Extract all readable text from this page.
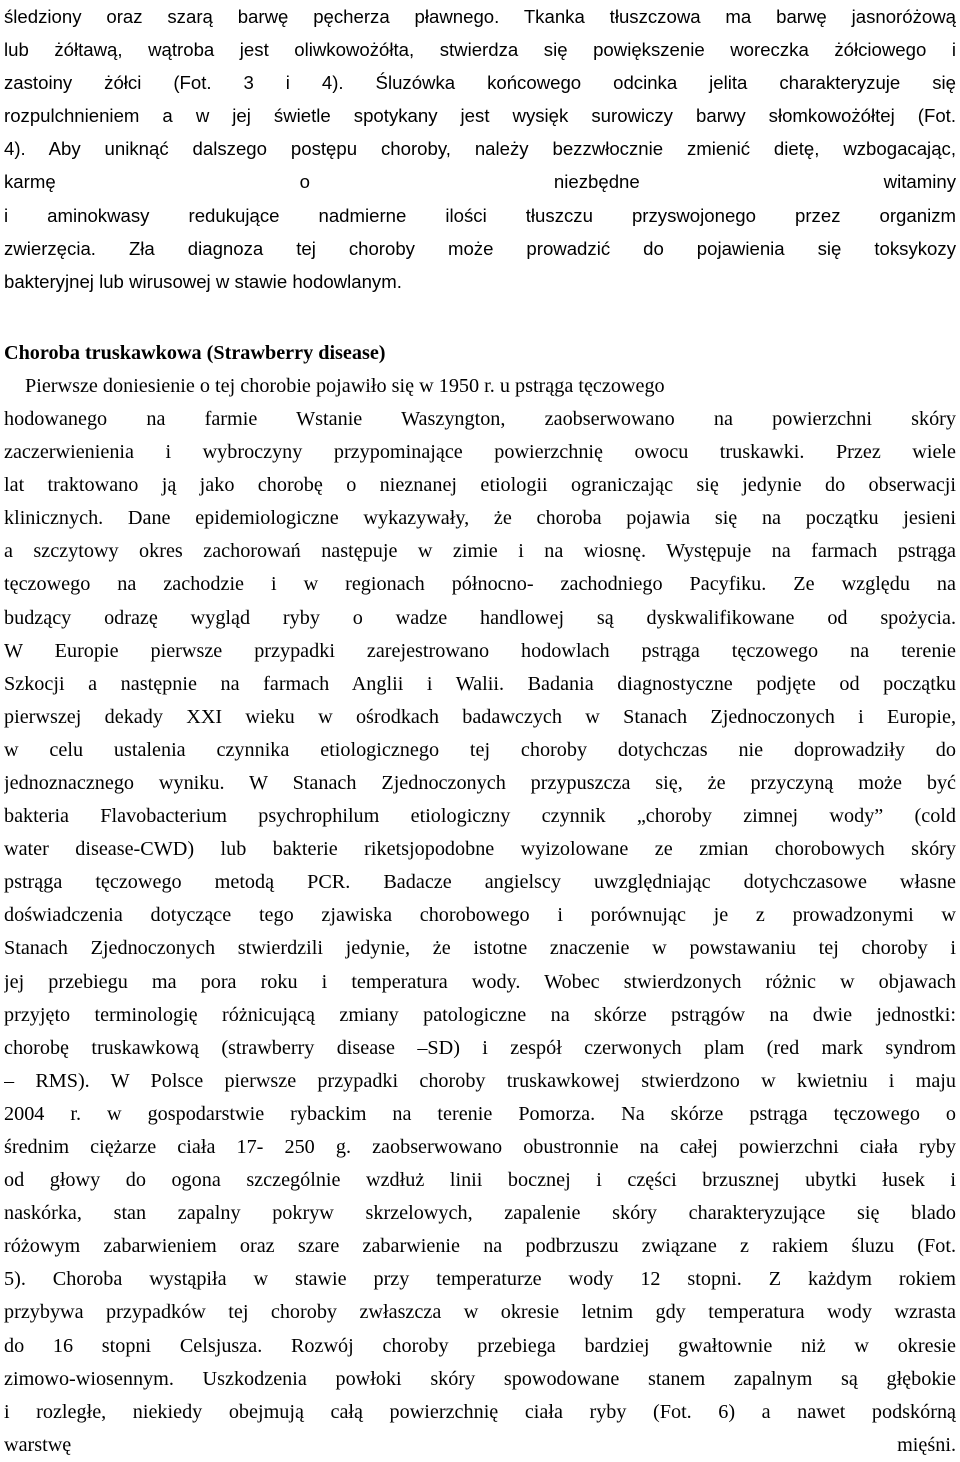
śledziony oraz szarą barwę pęcherza pławnego. Tkanka tłuszczowa ma barwę jasnoróżową
lub żółtawą, wątroba jest oliwkowożółta, stwierdza się powiększenie woreczka żółciowego i
zastoiny żółci (Fot. 3 i 4). Śluzówka końcowego odcinka jelita charakteryzuje się
rozpulchnieniem a w jej świetle spotykany jest wysięk surowiczy barwy słomkowożółtej (Fot.
4). Aby uniknąć dalszego postępu choroby, należy bezzwłocznie zmienić dietę, wzbogacając,
karmę o niezbędne witaminy
i aminokwasy redukujące nadmierne ilości tłuszczu przyswojonego przez organizm
zwierzęcia. Zła diagnoza tej choroby może prowadzić do pojawienia się toksykozy
bakteryjnej lub wirusowej w stawie hodowlanym.
Choroba truskawkowa (Strawberry disease)
Pierwsze doniesienie o tej chorobie pojawiło się w 1950 r. u pstrąga tęczowego
hodowanego na farmie Wstanie Waszyngton, zaobserwowano na powierzchni skóry
zaczerwienienia i wybroczyny przypominające powierzchnię owocu truskawki. Przez wiele
lat traktowano ją jako chorobę o nieznanej etiologii ograniczając się jedynie do obserwacji
klinicznych. Dane epidemiologiczne wykazywały, że choroba pojawia się na początku jesieni
a szczytowy okres zachorowań następuje w zimie i na wiosnę. Występuje na farmach pstrąga
tęczowego na zachodzie i w regionach północno- zachodniego Pacyfiku. Ze względu na
budzący odrazę wygląd ryby o wadze handlowej są dyskwalifikowane od spożycia.
W Europie pierwsze przypadki zarejestrowano hodowlach pstrąga tęczowego na terenie
Szkocji a następnie na farmach Anglii i Walii. Badania diagnostyczne podjęte od początku
pierwszej dekady XXI wieku w ośrodkach badawczych w Stanach Zjednoczonych i Europie,
w celu ustalenia czynnika etiologicznego tej choroby dotychczas nie doprowadziły do
jednoznacznego wyniku. W Stanach Zjednoczonych przypuszcza się, że przyczyną może być
bakteria Flavobacterium psychrophilum etiologiczny czynnik „choroby zimnej wody” (cold
water disease-CWD) lub bakterie riketsjopodobne wyizolowane ze zmian chorobowych skóry
pstrąga tęczowego metodą PCR. Badacze angielscy uwzględniając dotychczasowe własne
doświadczenia dotyczące tego zjawiska chorobowego i porównując je z prowadzonymi w
Stanach Zjednoczonych stwierdzili jedynie, że istotne znaczenie w powstawaniu tej choroby i
jej przebiegu ma pora roku i temperatura wody. Wobec stwierdzonych różnic w objawach
przyjęto terminologię różnicującą zmiany patologiczne na skórze pstrągów na dwie jednostki:
chorobę truskawkową (strawberry disease –SD) i zespół czerwonych plam (red mark syndrom
– RMS). W Polsce pierwsze przypadki choroby truskawkowej stwierdzono w kwietniu i maju
2004 r. w gospodarstwie rybackim na terenie Pomorza. Na skórze pstrąga tęczowego o
średnim ciężarze ciała 17- 250 g. zaobserwowano obustronnie na całej powierzchni ciała ryby
od głowy do ogona szczególnie wzdłuż linii bocznej i części brzusznej ubytki łusek i
naskórka, stan zapalny pokryw skrzelowych, zapalenie skóry charakteryzujące się blado
różowym zabarwieniem oraz szare zabarwienie na podbrzuszu związane z rakiem śluzu (Fot.
5). Choroba wystąpiła w stawie przy temperaturze wody 12 stopni. Z każdym rokiem
przybywa przypadków tej choroby zwłaszcza w okresie letnim gdy temperatura wody wzrasta
do 16 stopni Celsjusza. Rozwój choroby przebiega bardziej gwałtownie niż w okresie
zimowo-wiosennym. Uszkodzenia powłoki skóry spowodowane stanem zapalnym są głębokie
i rozległe, niekiedy obejmują całą powierzchnię ciała ryby (Fot. 6) a nawet podskórną
warstwę mięśni.
